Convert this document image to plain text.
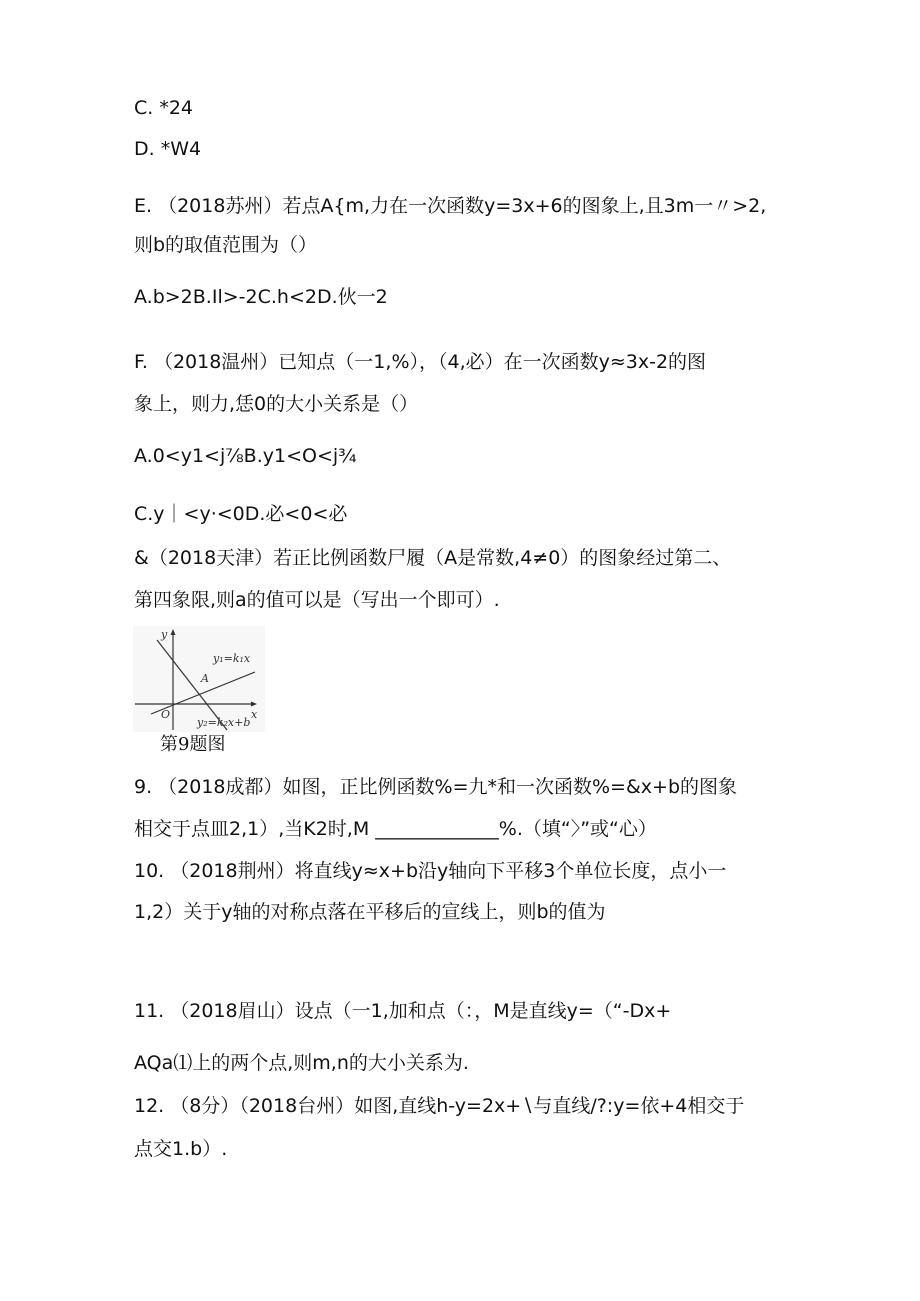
C. *24
D. *W4
E. （2018苏州）若点A{m,力在一次函数y=3x+6的图象上,且3m一〃>2,
则b的取值范围为（）
A.b>2B.Il>-2C.h<2D.伙一2
F. （2018温州）已知点（一1,%），（4,必）在一次函数y≈3x-2的图
象上，则力,恁0的大小关系是（）
A.0<y1<j⅞B.y1<O<j¾
C.y｜<y·<0D.必<0<必
&（2018天津）若正比例函数尸履（A是常数,4≠0）的图象经过第二、
第四象限,则a的值可以是（写出一个即可）.
y
x
O
A
y₁=k₁x
y₂=k₂x+b
第9题图
9. （2018成都）如图，正比例函数%=九*和一次函数%=&x+b的图象
相交于点皿2,1）,当K2时,M _____________%.（填“〉”或“心）
10. （2018荆州）将直线y≈x+b沿y轴向下平移3个单位长度，点小一
1,2）关于y轴的对称点落在平移后的宣线上，则b的值为
11. （2018眉山）设点（一1,加和点（：，M是直线y=（“-Dx+
AQa⑴上的两个点,则m,n的大小关系为.
12. （8分）（2018台州）如图,直线h-y=2x+∖与直线/?:y=依+4相交于
点交1.b）.
